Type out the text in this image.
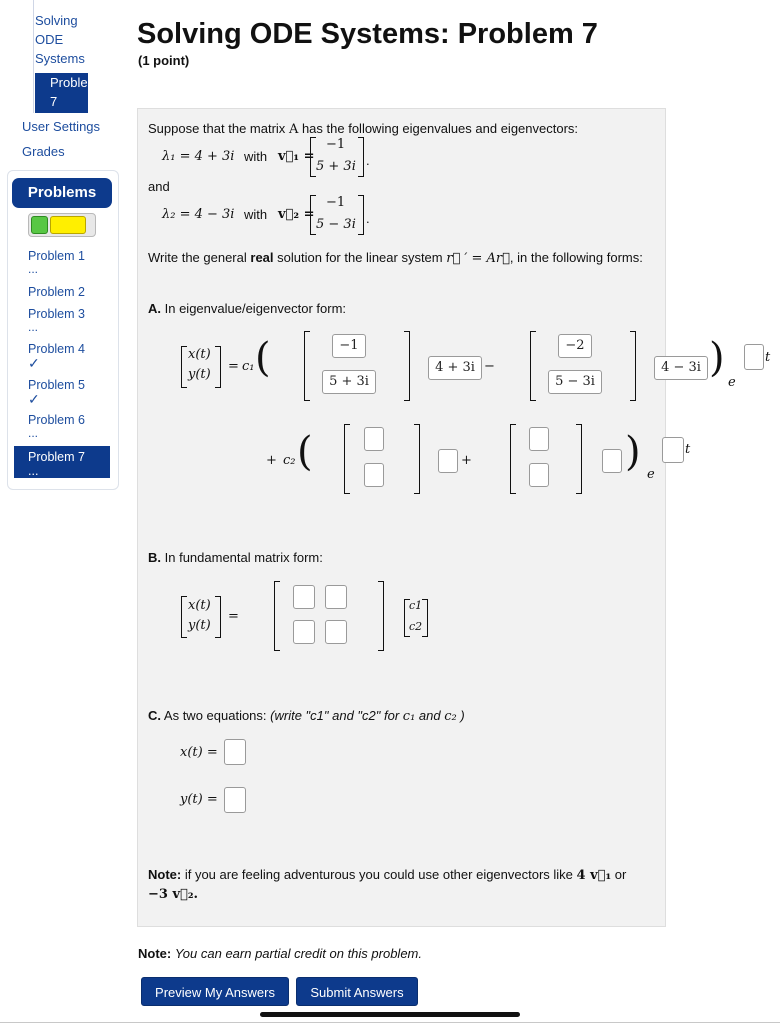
Solving
ODE
Systems
Proble
7
User Settings
Grades
Problems
Problem 1
...
Problem 2
Problem 3
...
Problem 4
✓
Problem 5
✓
Problem 6
...
Problem 7
...
Solving ODE Systems: Problem 7
(1 point)
Suppose that the matrix A has the following eigenvalues and eigenvectors:
λ₁ = 4 + 3i with v⃗₁ =
−1
5 + 3i .
and
λ₂ = 4 − 3i with v⃗₂ =
−1
5 − 3i .
Write the general real solution for the linear system r⃗ ′ = Ar⃗, in the following forms:
A. In eigenvalue/eigenvector form:
x(t)
y(t)
= c₁ (	−1
5 + 3i
4 + 3i −
−2
5 − 3i
4 − 3i )
e
t
+ c₂ (	+	) e
t
B. In fundamental matrix form:
x(t)
y(t)
=
c1
c2
C. As two equations: (write "c1" and "c2" for c₁ and c₂ )
x(t) =
y(t) =
Note: if you are feeling adventurous you could use other eigenvectors like 4 v⃗₁ or
−3 v⃗₂.
Note: You can earn partial credit on this problem.
Preview My Answers	Submit Answers
